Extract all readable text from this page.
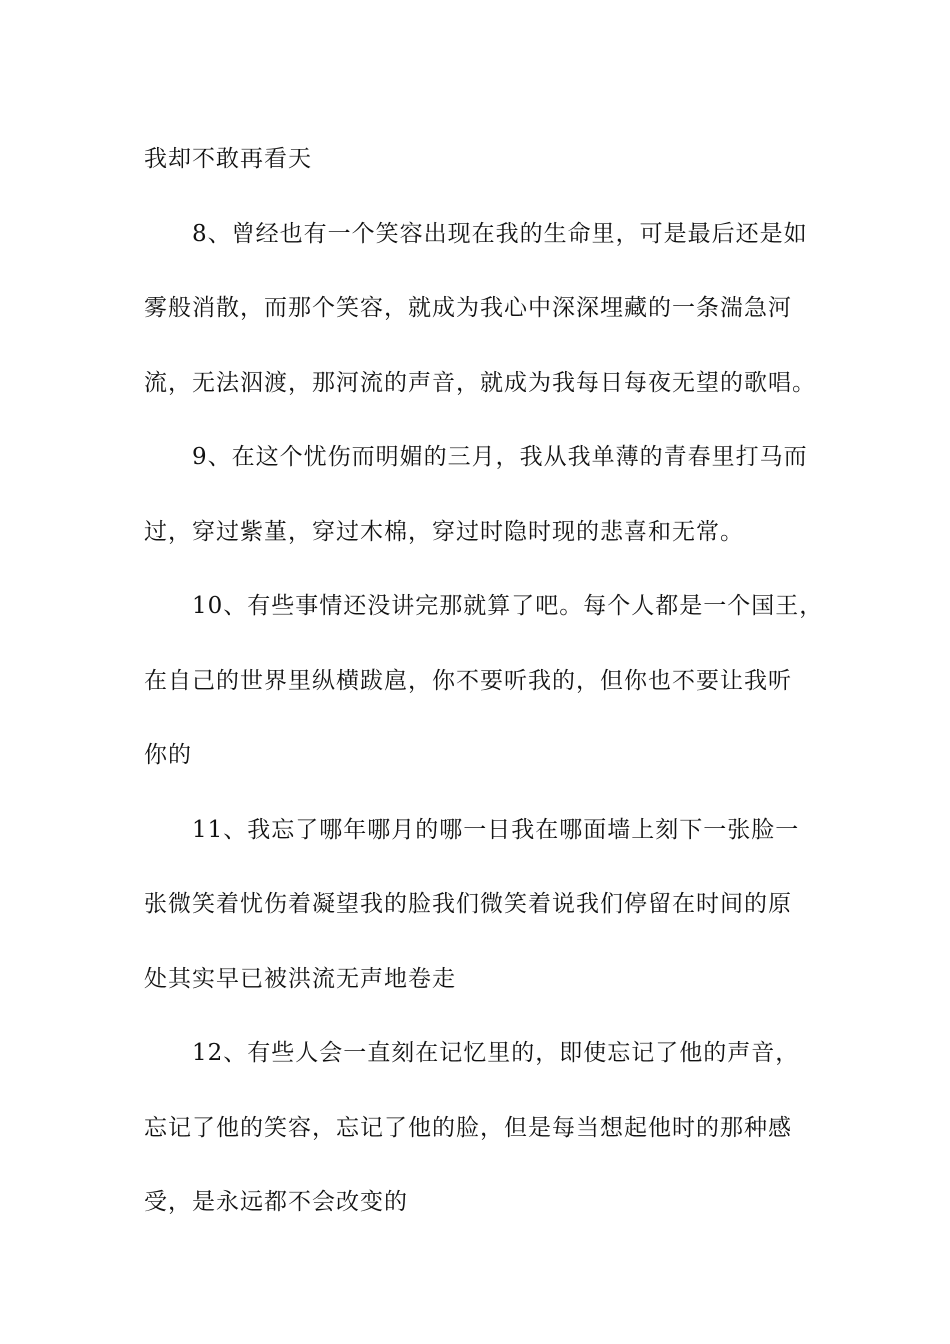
我却不敢再看天
8、曾经也有一个笑容出现在我的生命里，可是最后还是如
雾般消散，而那个笑容，就成为我心中深深埋藏的一条湍急河
流，无法泅渡，那河流的声音，就成为我每日每夜无望的歌唱。
9、在这个忧伤而明媚的三月，我从我单薄的青春里打马而
过，穿过紫堇，穿过木棉，穿过时隐时现的悲喜和无常。
10、有些事情还没讲完那就算了吧。每个人都是一个国王，
在自己的世界里纵横跋扈，你不要听我的，但你也不要让我听
你的
11、我忘了哪年哪月的哪一日我在哪面墙上刻下一张脸一
张微笑着忧伤着凝望我的脸我们微笑着说我们停留在时间的原
处其实早已被洪流无声地卷走
12、有些人会一直刻在记忆里的，即使忘记了他的声音，
忘记了他的笑容，忘记了他的脸，但是每当想起他时的那种感
受，是永远都不会改变的
